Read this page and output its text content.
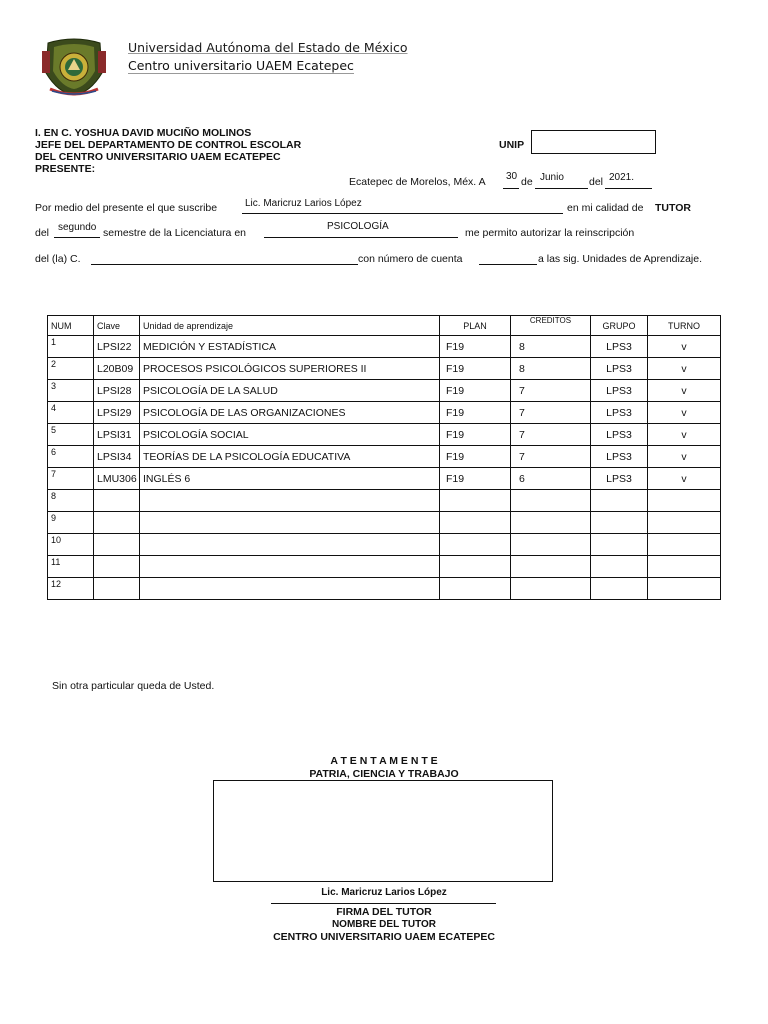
Universidad Autónoma del Estado de México
Centro universitario UAEM Ecatepec
I. EN C. YOSHUA DAVID MUCIÑO MOLINOS
JEFE DEL DEPARTAMENTO DE CONTROL ESCOLAR
DEL CENTRO UNIVERSITARIO UAEM ECATEPEC
PRESENTE:
UNIP
Ecatepec de Morelos, Méx. A 30 de Junio del 2021.
Por medio del presente el que suscribe	Lic. Maricruz Larios López	en mi calidad de TUTOR
del segundo semestre de la Licenciatura en
PSICOLOGÍA
me permito autorizar la reinscripción
del (la) C.	con número de cuenta	a las sig. Unidades de Aprendizaje.
NUM	Clave	Unidad de aprendizaje	PLAN	CREDITOS	GRUPO	TURNO
1	LPSI22	MEDICIÓN Y ESTADÍSTICA	F19	8	LPS3	v
2	L20B09	PROCESOS PSICOLÓGICOS SUPERIORES II	F19	8	LPS3	v
3	LPSI28	PSICOLOGÍA DE LA SALUD	F19	7	LPS3	v
4	LPSI29	PSICOLOGÍA DE LAS ORGANIZACIONES	F19	7	LPS3	v
5	LPSI31	PSICOLOGÍA SOCIAL	F19	7	LPS3	v
6	LPSI34	TEORÍAS DE LA PSICOLOGÍA EDUCATIVA	F19	7	LPS3	v
7	LMU306	INGLÉS 6	F19	6	LPS3	v
8						
9						
10						
11						
12						
Sin otra particular queda de Usted.
A T E N T A M E N T E
PATRIA, CIENCIA Y TRABAJO
Lic. Maricruz Larios López
FIRMA DEL TUTOR
NOMBRE DEL TUTOR
CENTRO UNIVERSITARIO UAEM ECATEPEC
